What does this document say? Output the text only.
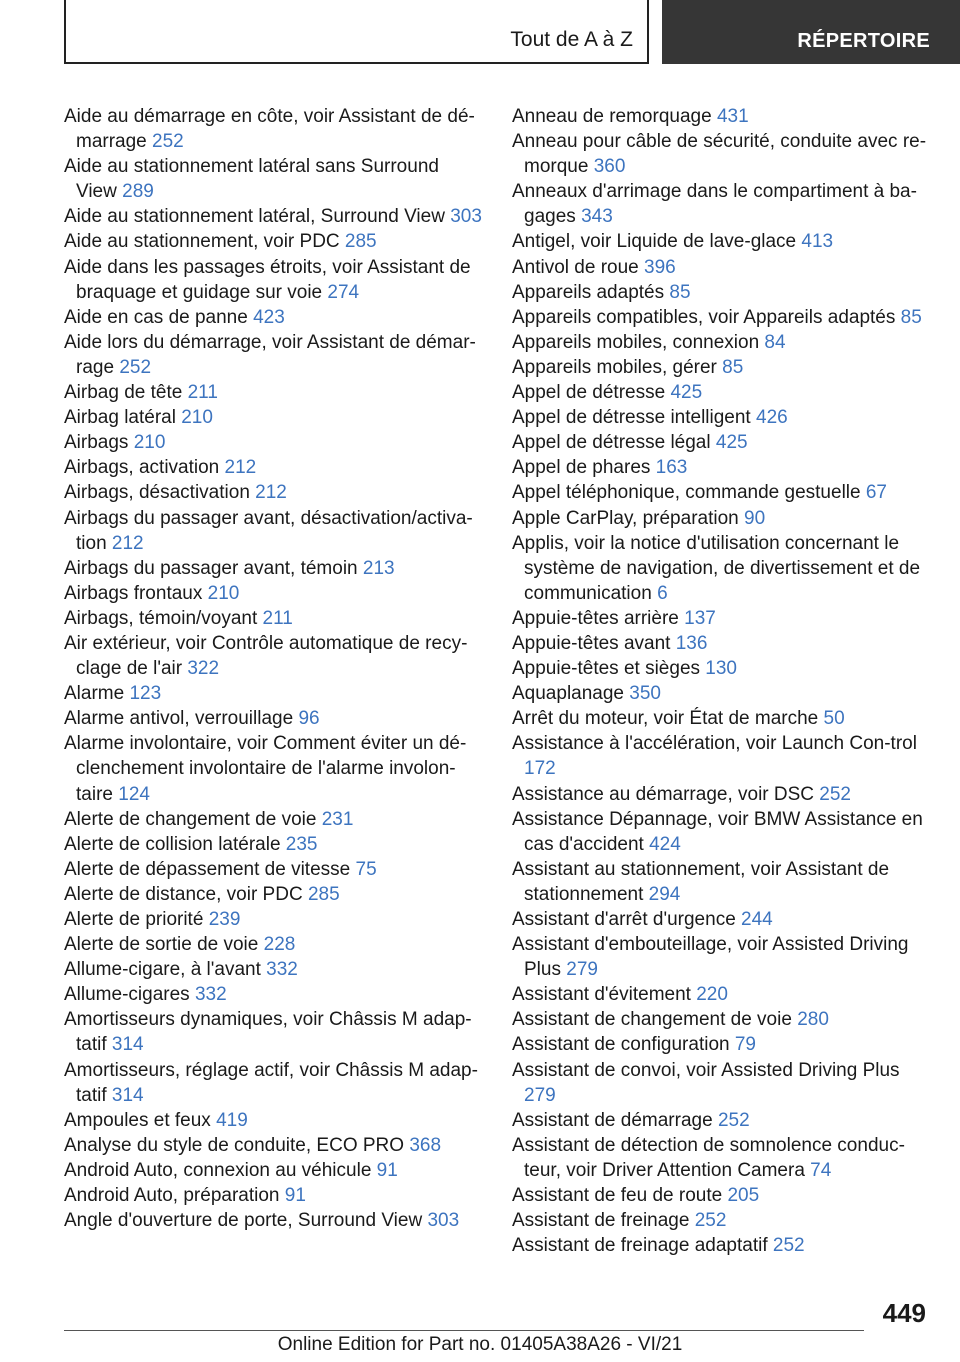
Tout de A à Z	RÉPERTOIRE
Aide au démarrage en côte, voir Assistant de dé-marrage 252
Aide au stationnement latéral sans Surround View 289
Aide au stationnement latéral, Surround View 303
Aide au stationnement, voir PDC 285
Aide dans les passages étroits, voir Assistant de braquage et guidage sur voie 274
Aide en cas de panne 423
Aide lors du démarrage, voir Assistant de démar-rage 252
Airbag de tête 211
Airbag latéral 210
Airbags 210
Airbags, activation 212
Airbags, désactivation 212
Airbags du passager avant, désactivation/activa-tion 212
Airbags du passager avant, témoin 213
Airbags frontaux 210
Airbags, témoin/voyant 211
Air extérieur, voir Contrôle automatique de recy-clage de l'air 322
Alarme 123
Alarme antivol, verrouillage 96
Alarme involontaire, voir Comment éviter un dé-clenchement involontaire de l'alarme involon-taire 124
Alerte de changement de voie 231
Alerte de collision latérale 235
Alerte de dépassement de vitesse 75
Alerte de distance, voir PDC 285
Alerte de priorité 239
Alerte de sortie de voie 228
Allume-cigare, à l'avant 332
Allume-cigares 332
Amortisseurs dynamiques, voir Châssis M adap-tatif 314
Amortisseurs, réglage actif, voir Châssis M adap-tatif 314
Ampoules et feux 419
Analyse du style de conduite, ECO PRO 368
Android Auto, connexion au véhicule 91
Android Auto, préparation 91
Angle d'ouverture de porte, Surround View 303
Anneau de remorquage 431
Anneau pour câble de sécurité, conduite avec re-morque 360
Anneaux d'arrimage dans le compartiment à ba-gages 343
Antigel, voir Liquide de lave-glace 413
Antivol de roue 396
Appareils adaptés 85
Appareils compatibles, voir Appareils adaptés 85
Appareils mobiles, connexion 84
Appareils mobiles, gérer 85
Appel de détresse 425
Appel de détresse intelligent 426
Appel de détresse légal 425
Appel de phares 163
Appel téléphonique, commande gestuelle 67
Apple CarPlay, préparation 90
Applis, voir la notice d'utilisation concernant le système de navigation, de divertissement et de communication 6
Appuie-têtes arrière 137
Appuie-têtes avant 136
Appuie-têtes et sièges 130
Aquaplanage 350
Arrêt du moteur, voir État de marche 50
Assistance à l'accélération, voir Launch Con-trol 172
Assistance au démarrage, voir DSC 252
Assistance Dépannage, voir BMW Assistance en cas d'accident 424
Assistant au stationnement, voir Assistant de stationnement 294
Assistant d'arrêt d'urgence 244
Assistant d'embouteillage, voir Assisted Driving Plus 279
Assistant d'évitement 220
Assistant de changement de voie 280
Assistant de configuration 79
Assistant de convoi, voir Assisted Driving Plus 279
Assistant de démarrage 252
Assistant de détection de somnolence conduc-teur, voir Driver Attention Camera 74
Assistant de feu de route 205
Assistant de freinage 252
Assistant de freinage adaptatif 252
449
Online Edition for Part no. 01405A38A26 - VI/21
